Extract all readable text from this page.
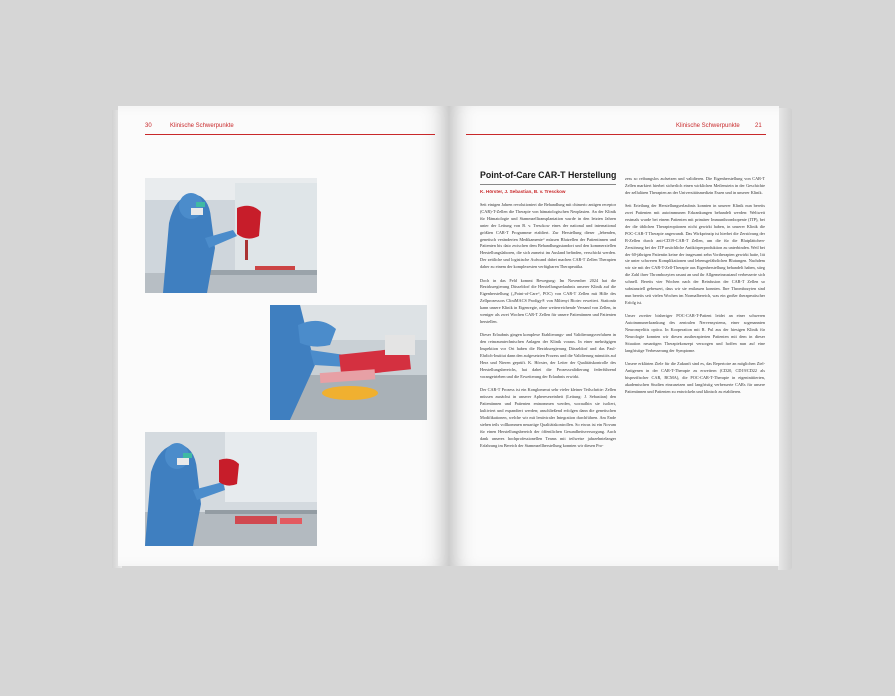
30	Klinische Schwerpunkte	Klinische Schwerpunkte	21
Point-of-Care CAR-T Herstellung
K. Hörster, J. Sebastian, B. v. Tresckow

Seit einigen Jahren revolutioniert die Behandlung mit chimeric antigen receptor (CAR)-T-Zellen die Therapie von hämatologischen Neoplasien. An der Klinik für Hämatologie und Stammzelltransplantation wurde in den letzten Jahren unter der Leitung von B. v. Tresckow eines der national und international größten CAR-T Programme etabliert. Zur Herstellung dieser „lebenden, genetisch veränderten Medikamente“ müssen Blutzellen der Patientinnen und Patienten bis dato zwischen dem Behandlungsstandort und den kommerziellen Herstellungslaboren, die sich zumeist im Ausland befinden, verschickt werden. Der zeitliche und logistische Aufwand dabei machen CAR-T Zellen Therapien daher zu einem der komplexesten verfügbaren Therapeutika.

Doch in das Feld kommt Bewegung: Im November 2024 hat die Bezirksregierung Düsseldorf die Herstellungserlaubnis unserer Klinik auf die Eigenherstellung („Point-of-Care“, POC) von CAR-T Zellen mit Hilfe des Zellprozessors CliniMACS Prodigy® von Miltenyi Biotec erweitert. Stationär kann unsere Klinik in Eigenregie, ohne weiterreichende Versand von Zellen, in weniger als zwei Wochen CAR-T Zellen für unsere Patientinnen und Patienten herstellen.

Dieser Erlaubnis gingen komplexe Etablierungs- und Validierungsverfahren in den reinraumtechnischen Anlagen der Klinik voraus. In einer mehrtägigen Inspektion vor Ort haben die Bezirksregierung Düsseldorf und das Paul-Ehrlich-Institut dann den aufgesetzten Prozess und die Validierung minutiös auf Herz und Nieren geprüft. K. Hörster, der Leiter der Qualitätskontrolle des Herstellungsbereichs, hat dabei die Prozessvalidierung federführend vorangetrieben und die Erweiterung der Erlaubnis erwirkt.

Der CAR-T Prozess ist ein Konglomerat sehr vieler kleiner Teilschritte: Zellen müssen zunächst in unserer Apheresezeinheit (Leitung: J. Sebastian) den Patientinnen und Patienten entnommen werden, woraufhin sie isoliert, kultiviert und expandiert werden; anschließend erfolgen dann die genetischen Modifikationen, welche wir mit lentiviraler Integration durchführen. Am Ende stehen teils vollkommen neuartige Qualitätskontrollen. So etwas ist ein Novum für einen Herstellungsbereich der öffentlichen Gesundheitsversorgung. Auch dank unseres hochprofessionellen Teams mit teilweise jahrzehntelanger Erfahrung im Bereich der Stammzellherstellung konnten wir diesen Pro-

zess so reibungslos aufsetzen und validieren. Die Eigenherstellung von CAR-T Zellen markiert hierbei sicherlich einen wirklichen Meilenstein in der Geschichte der zellulären Therapien an der Universitätsmedizin Essen und in unserer Klinik.

Seit Erteilung der Herstellungserlaubnis konnten in unserer Klinik nun bereits zwei Patienten mit autoimmunen Erkrankungen behandelt werden: Weltweit erstmals wurde bei einem Patienten mit primärer Immunthrombopenie (ITP), bei der die üblichen Therapieoptionen nicht gewirkt haben, in unserer Klinik die POC-CAR-T Therapie angewandt. Das Wirkprinzip ist hierbei die Zerstörung der B-Zellen durch anti-CD19-CAR-T Zellen, um die für die Blutplättchen-Zerstörung bei der ITP ursächliche Antikörperproduktion zu unterbinden. Weil bei der 60-jährigen Patientin keine der insgesamt zehn Vortherapien gewirkt hatte, litt sie unter schweren Komplikationen und lebensgefährlichen Blutungen. Nachdem wir sie mit der CAR-T-Zell-Therapie aus Eigenherstellung behandelt haben, stieg die Zahl ihrer Thrombozyten rasant an und ihr Allgemeinzustand verbesserte sich schnell. Bereits vier Wochen nach der Reinfusion der CAR-T Zellen so substanziell gebessert, dass wir sie entlassen konnten. Ihre Thrombozyten sind nun bereits seit vielen Wochen im Normalbereich, was ein großer therapeutischer Erfolg ist.

Unser zweiter bisheriger POC-CAR-T-Patient leidet an einer schweren Autoimmunerkrankung des zentralen Nervensystems, einer sogenannten Neuromyelitis optica. In Kooperation mit R. Pul aus der hiesigen Klinik für Neurologie konnten wir diesen austherapierten Patienten mit dem in dieser Situation neuartigen Therapiekonzept versorgen und hoffen nun auf eine langfristige Verbesserung der Symptome.

Unsere erklärten Ziele für die Zukunft sind es, das Repertoire an möglichen Ziel-Antigenen in der CAR-T-Therapie zu erweitern (CD20, CD19/CD22 als bispezifischer CAR, BCMA), die POC-CAR-T-Therapie in eigeninitiierten, akademischen Studien einzusetzen und langfristig verbesserte CARs für unsere Patientinnen und Patienten zu entwickeln und klinisch zu etablieren.
